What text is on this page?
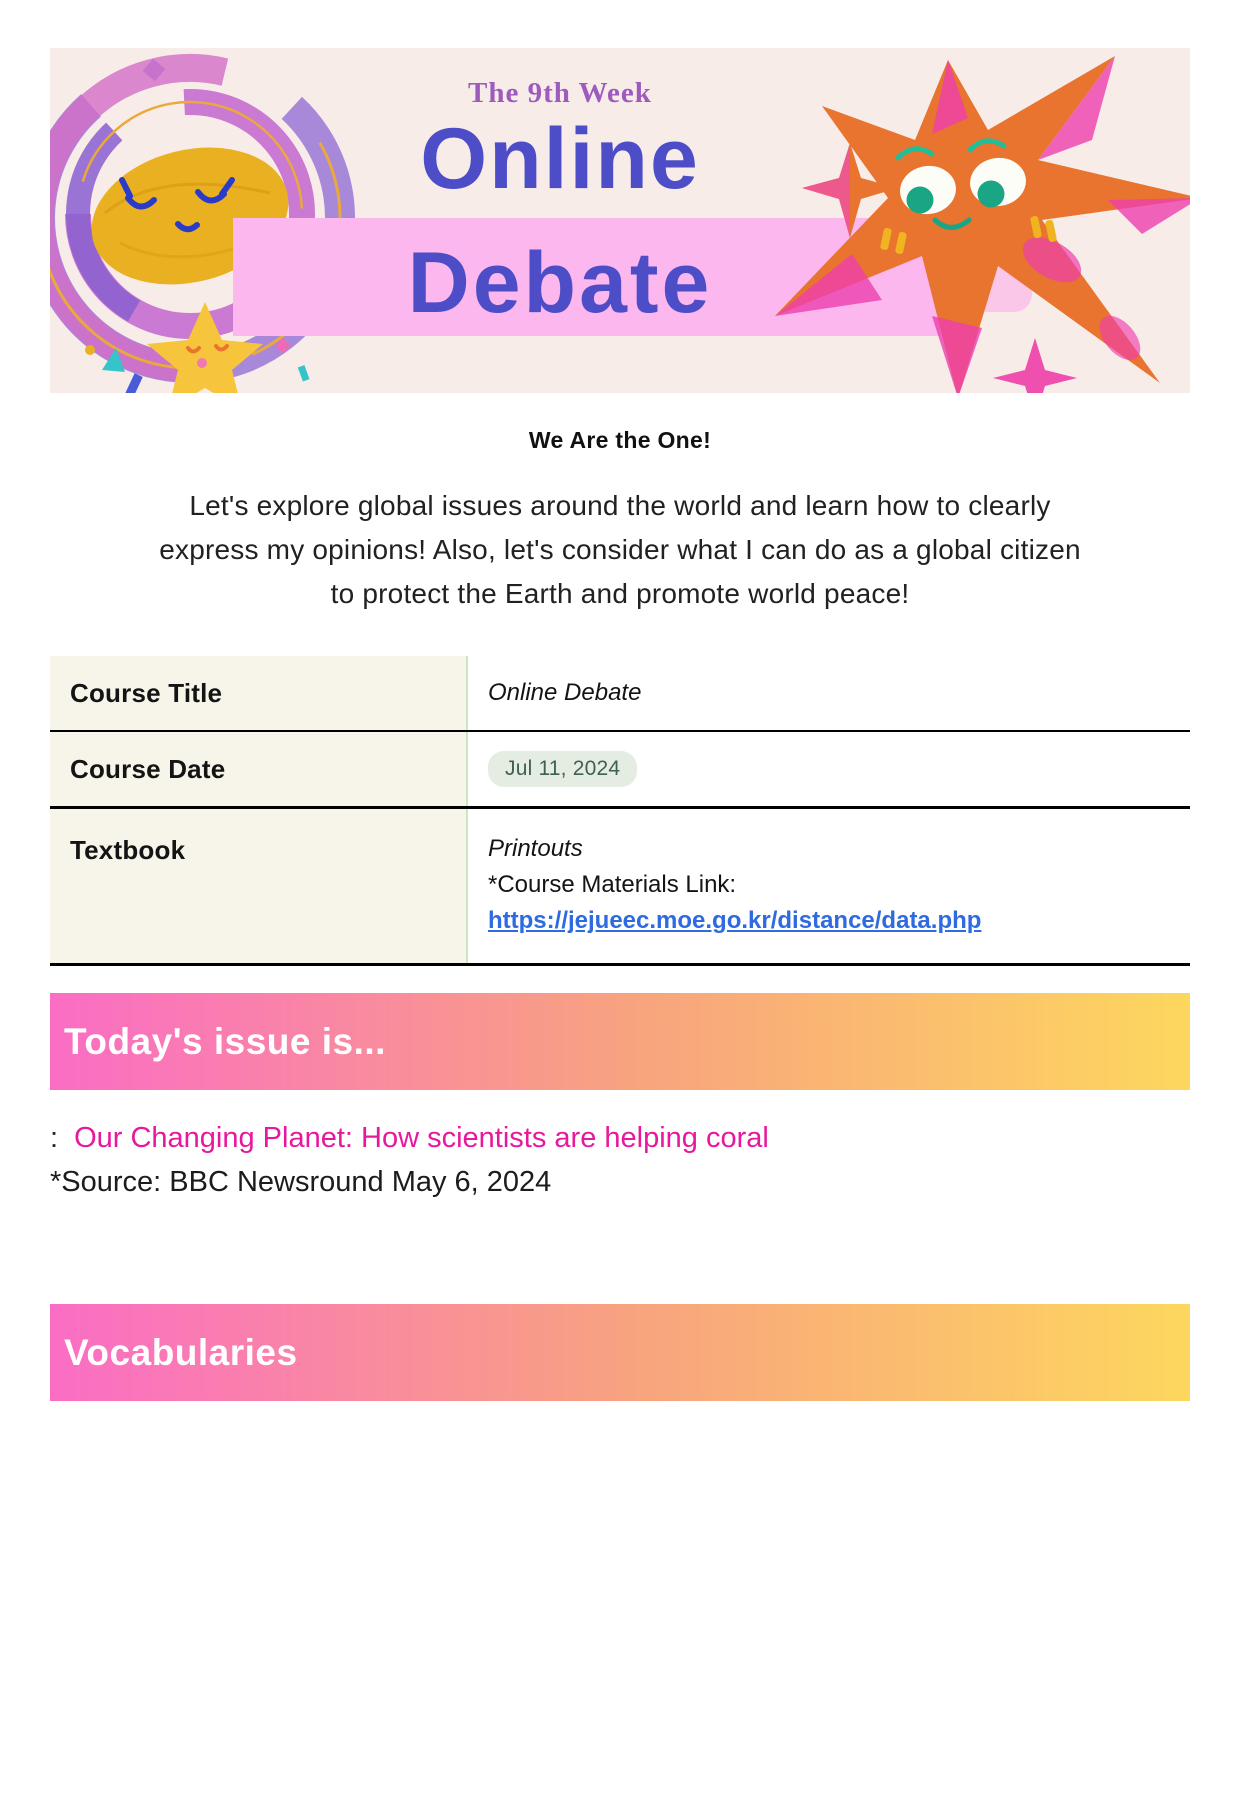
The 9th Week
Online
Debate
We Are the One!
Let's explore global issues around the world and learn how to clearly
express my opinions! Also, let's consider what I can do as a global citizen
to protect the Earth and promote world peace!
Course Title	Online Debate
Course Date	Jul 11, 2024
Textbook	Printouts
*Course Materials Link:
https://jejueec.moe.go.kr/distance/data.php
Today's issue is...
: Our Changing Planet: How scientists are helping coral
*Source: BBC Newsround May 6, 2024
Vocabularies
